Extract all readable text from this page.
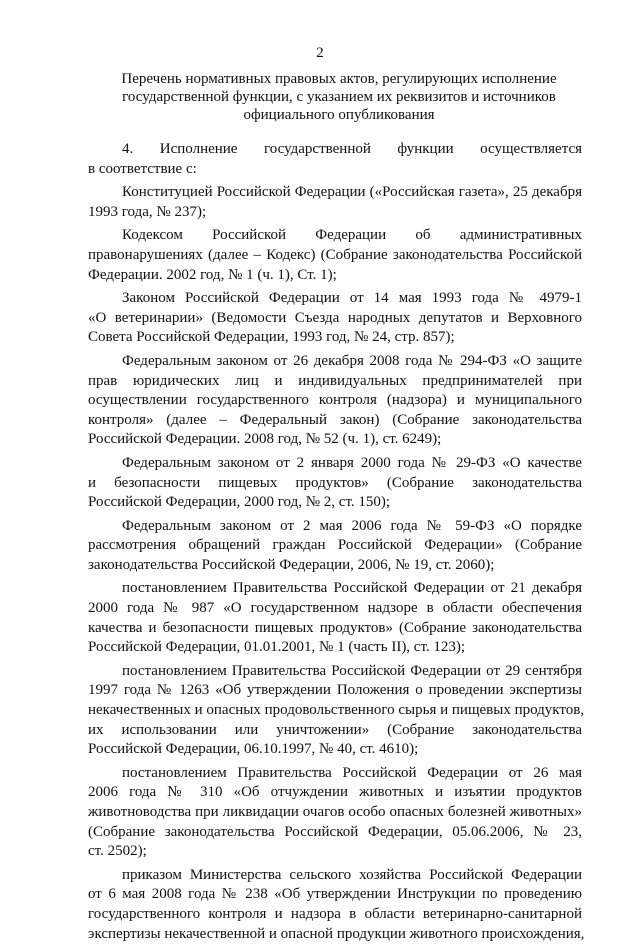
2
Перечень нормативных правовых актов, регулирующих исполнение
государственной функции, с указанием их реквизитов и источников
официального опубликования
4. Исполнение государственной функции осуществляется
в соответствие с:
Конституцией Российской Федерации («Российская газета», 25 декабря
1993 года, № 237);
Кодексом Российской Федерации об административных
правонарушениях (далее – Кодекс) (Собрание законодательства Российской
Федерации. 2002 год, № 1 (ч. 1), Ст. 1);
Законом Российской Федерации от 14 мая 1993 года № 4979-1
«О ветеринарии» (Ведомости Съезда народных депутатов и Верховного
Совета Российской Федерации, 1993 год, № 24, стр. 857);
Федеральным законом от 26 декабря 2008 года № 294-ФЗ «О защите
прав юридических лиц и индивидуальных предпринимателей при
осуществлении государственного контроля (надзора) и муниципального
контроля» (далее – Федеральный закон) (Собрание законодательства
Российской Федерации. 2008 год, № 52 (ч. 1), ст. 6249);
Федеральным законом от 2 января 2000 года № 29-ФЗ «О качестве
и безопасности пищевых продуктов» (Собрание законодательства
Российской Федерации, 2000 год, № 2, ст. 150);
Федеральным законом от 2 мая 2006 года № 59-ФЗ «О порядке
рассмотрения обращений граждан Российской Федерации» (Собрание
законодательства Российской Федерации, 2006, № 19, ст. 2060);
постановлением Правительства Российской Федерации от 21 декабря
2000 года № 987 «О государственном надзоре в области обеспечения
качества и безопасности пищевых продуктов» (Собрание законодательства
Российской Федерации, 01.01.2001, № 1 (часть II), ст. 123);
постановлением Правительства Российской Федерации от 29 сентября
1997 года № 1263 «Об утверждении Положения о проведении экспертизы
некачественных и опасных продовольственного сырья и пищевых продуктов,
их использовании или уничтожении» (Собрание законодательства
Российской Федерации, 06.10.1997, № 40, ст. 4610);
постановлением Правительства Российской Федерации от 26 мая
2006 года № 310 «Об отчуждении животных и изъятии продуктов
животноводства при ликвидации очагов особо опасных болезней животных»
(Собрание законодательства Российской Федерации, 05.06.2006, № 23,
ст. 2502);
приказом Министерства сельского хозяйства Российской Федерации
от 6 мая 2008 года № 238 «Об утверждении Инструкции по проведению
государственного контроля и надзора в области ветеринарно-санитарной
экспертизы некачественной и опасной продукции животного происхождения,
